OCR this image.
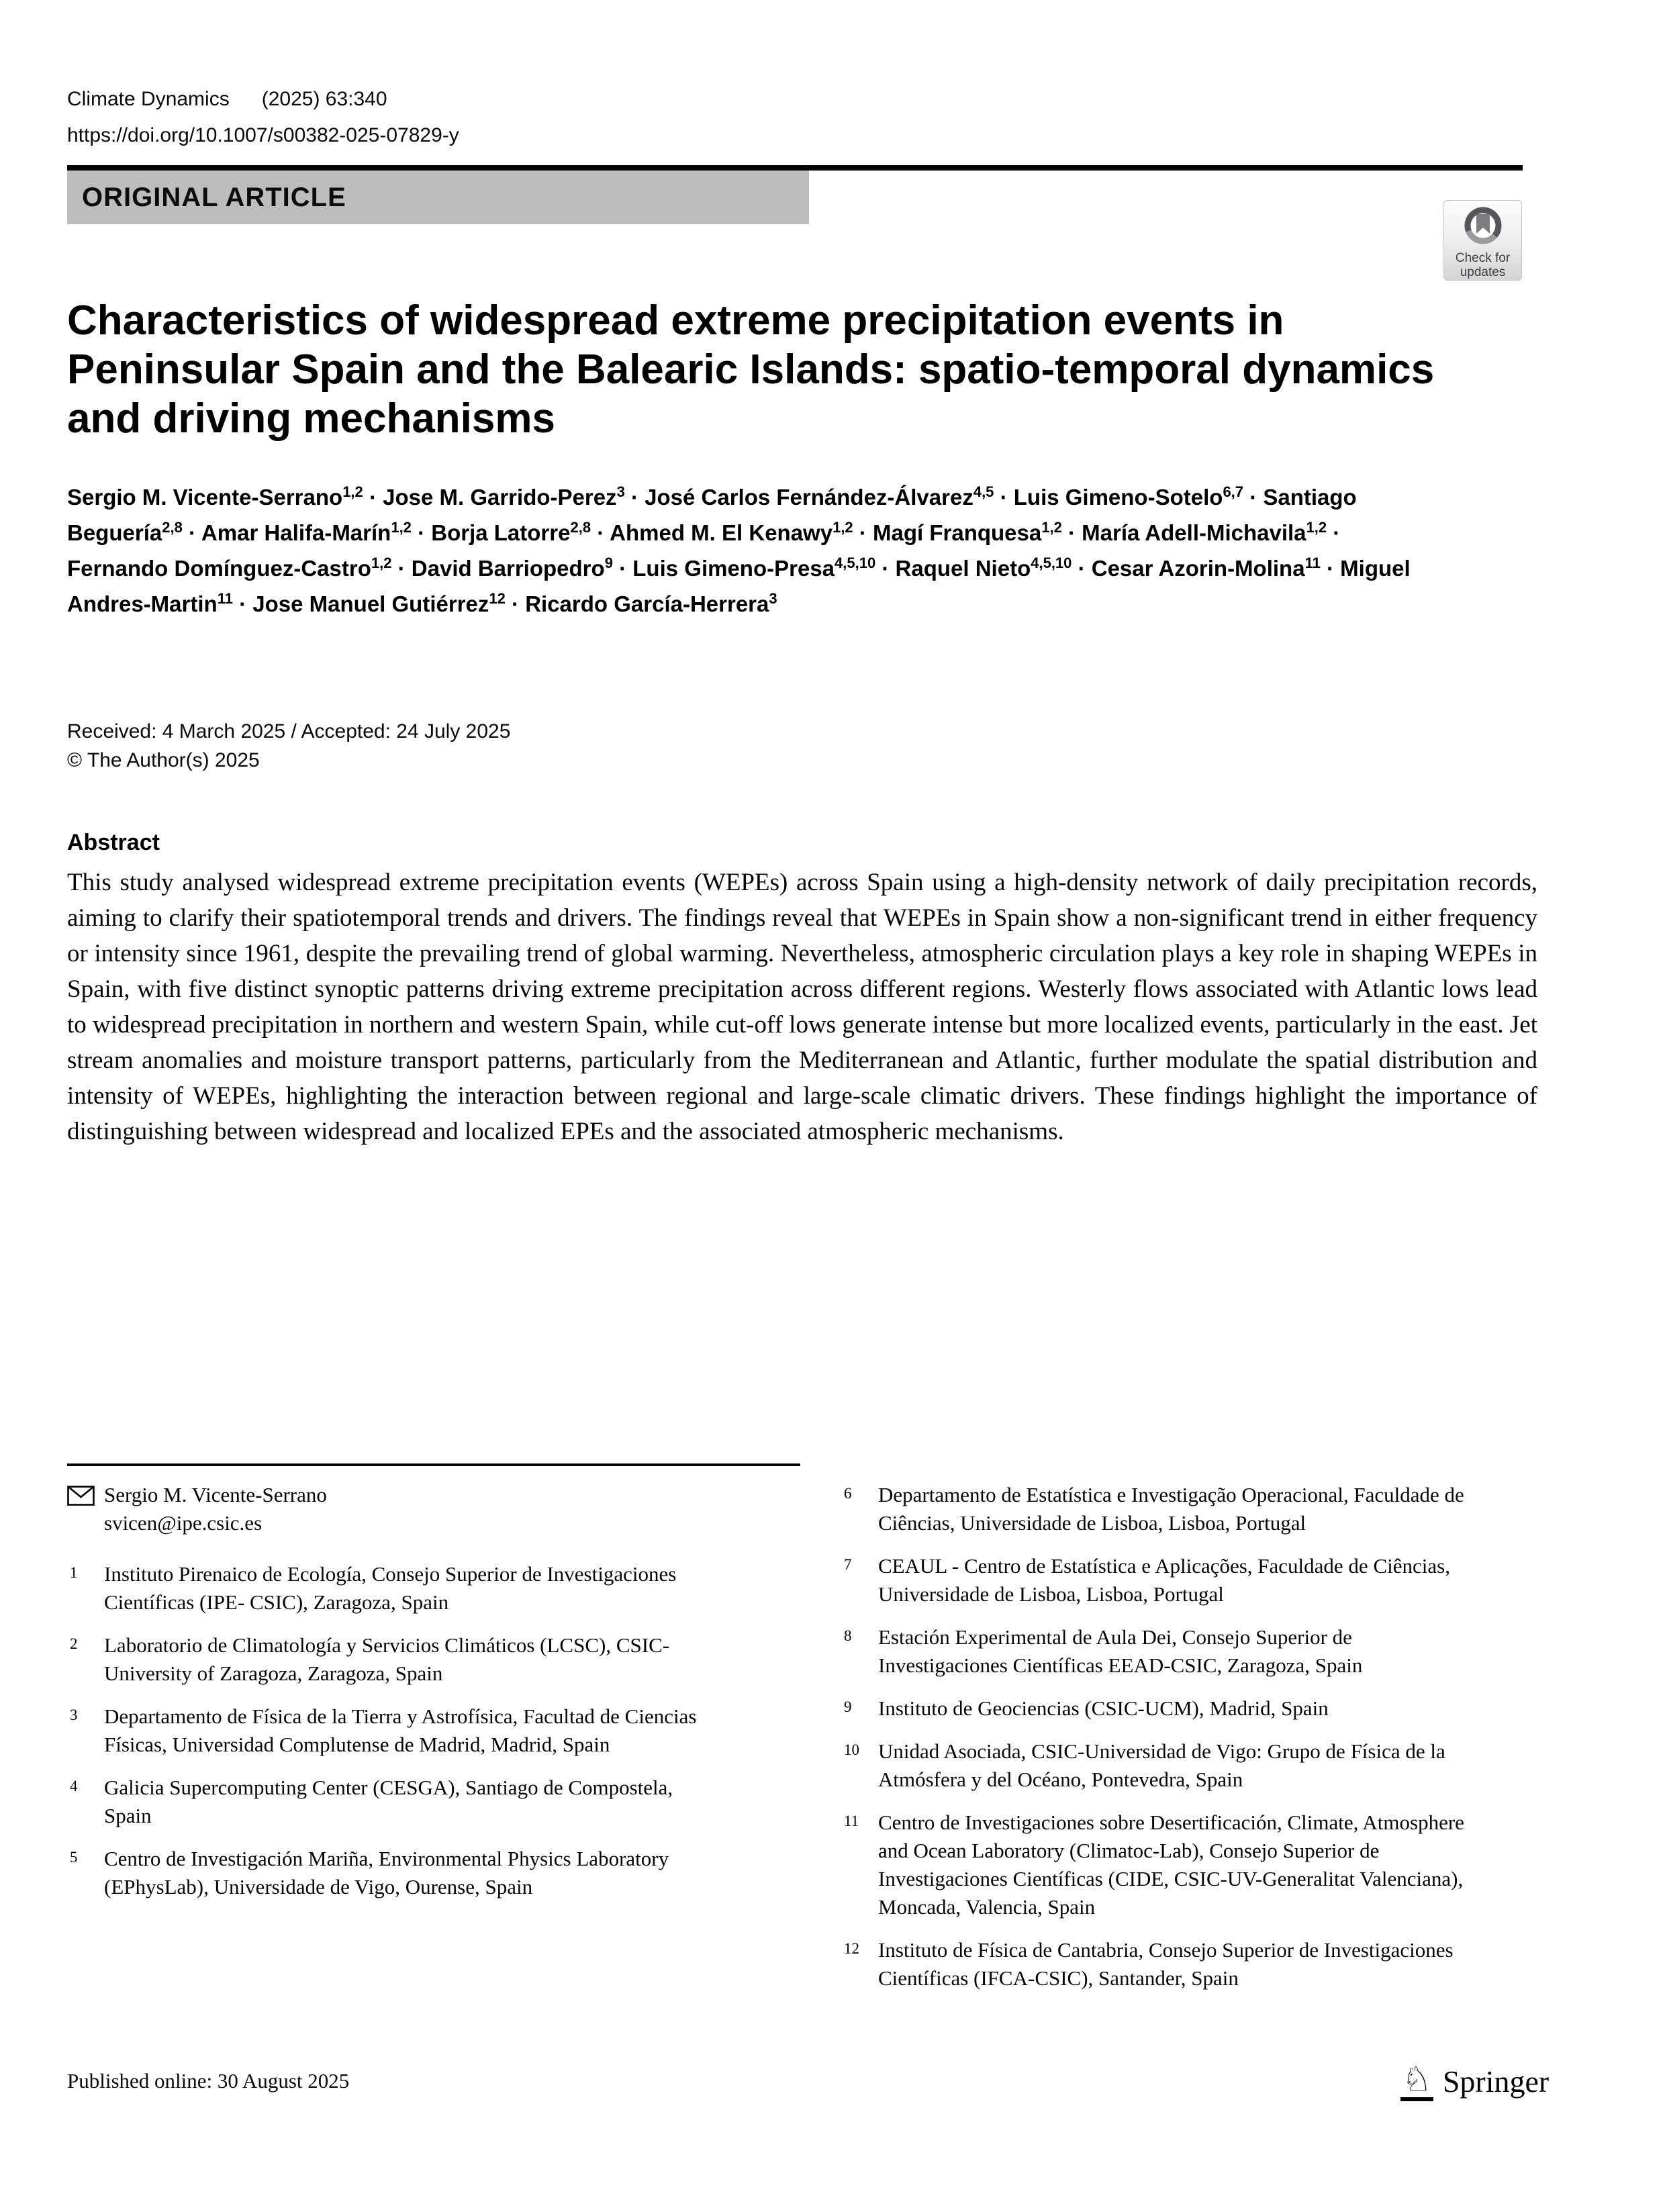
Climate Dynamics (2025) 63:340
https://doi.org/10.1007/s00382-025-07829-y
ORIGINAL ARTICLE
Check for
updates
Characteristics of widespread extreme precipitation events in
Peninsular Spain and the Balearic Islands: spatio-temporal dynamics
and driving mechanisms
Sergio M. Vicente-Serrano$^{1,2}$ · Jose M. Garrido-Perez$^3$ · José Carlos Fernández-Álvarez$^{4,5}$ · Luis Gimeno-Sotelo$^{6,7}$ · Santiago Beguería$^{2,8}$ · Amar Halifa-Marín$^{1,2}$ · Borja Latorre$^{2,8}$ · Ahmed M. El Kenawy$^{1,2}$ · Magí Franquesa$^{1,2}$ · María Adell-Michavila$^{1,2}$ · Fernando Domínguez-Castro$^{1,2}$ · David Barriopedro$^9$ · Luis Gimeno-Presa$^{4,5,10}$ · Raquel Nieto$^{4,5,10}$ · Cesar Azorin-Molina$^{11}$ · Miguel Andres-Martin$^{11}$ · Jose Manuel Gutiérrez$^{12}$ · Ricardo García-Herrera$^3$
Received: 4 March 2025 / Accepted: 24 July 2025
© The Author(s) 2025
Abstract
This study analysed widespread extreme precipitation events (WEPEs) across Spain using a high-density network of daily precipitation records, aiming to clarify their spatiotemporal trends and drivers. The findings reveal that WEPEs in Spain show a non-significant trend in either frequency or intensity since 1961, despite the prevailing trend of global warming. Nevertheless, atmospheric circulation plays a key role in shaping WEPEs in Spain, with five distinct synoptic patterns driving extreme precipitation across different regions. Westerly flows associated with Atlantic lows lead to widespread precipitation in northern and western Spain, while cut-off lows generate intense but more localized events, particularly in the east. Jet stream anomalies and moisture transport patterns, particularly from the Mediterranean and Atlantic, further modulate the spatial distribution and intensity of WEPEs, highlighting the interaction between regional and large-scale climatic drivers. These findings highlight the importance of distinguishing between widespread and localized EPEs and the associated atmospheric mechanisms.
Sergio M. Vicente-Serrano
svicen@ipe.csic.es
1	Instituto Pirenaico de Ecología, Consejo Superior de Investigaciones Científicas (IPE- CSIC), Zaragoza, Spain
2	Laboratorio de Climatología y Servicios Climáticos (LCSC), CSIC-University of Zaragoza, Zaragoza, Spain
3	Departamento de Física de la Tierra y Astrofísica, Facultad de Ciencias Físicas, Universidad Complutense de Madrid, Madrid, Spain
4	Galicia Supercomputing Center (CESGA), Santiago de Compostela, Spain
5	Centro de Investigación Mariña, Environmental Physics Laboratory (EPhysLab), Universidade de Vigo, Ourense, Spain
6	Departamento de Estatística e Investigação Operacional, Faculdade de Ciências, Universidade de Lisboa, Lisboa, Portugal
7	CEAUL - Centro de Estatística e Aplicações, Faculdade de Ciências, Universidade de Lisboa, Lisboa, Portugal
8	Estación Experimental de Aula Dei, Consejo Superior de Investigaciones Científicas EEAD-CSIC, Zaragoza, Spain
9	Instituto de Geociencias (CSIC-UCM), Madrid, Spain
10 Unidad Asociada, CSIC-Universidad de Vigo: Grupo de Física de la Atmósfera y del Océano, Pontevedra, Spain
11 Centro de Investigaciones sobre Desertificación, Climate, Atmosphere and Ocean Laboratory (Climatoc-Lab), Consejo Superior de Investigaciones Científicas (CIDE, CSIC-UV-Generalitat Valenciana), Moncada, Valencia, Spain
12 Instituto de Física de Cantabria, Consejo Superior de Investigaciones Científicas (IFCA-CSIC), Santander, Spain
Published online: 30 August 2025	♘ Springer
